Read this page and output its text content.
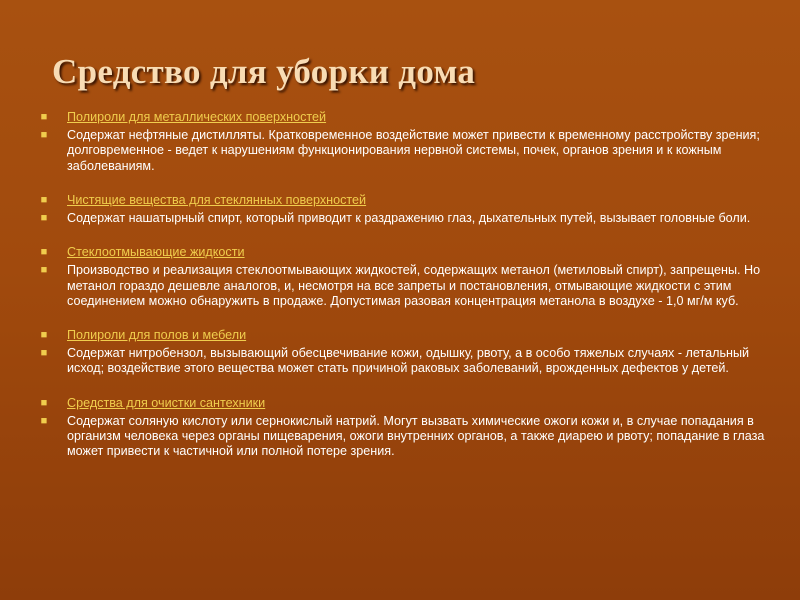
Средство для уборки дома
■ Полироли для металлических поверхностей
■ Содержат нефтяные дистилляты. Кратковременное воздействие может привести к временному расстройству зрения; долговременное - ведет к нарушениям функционирования нервной системы, почек, органов зрения и к кожным заболеваниям.
■ Чистящие вещества для стеклянных поверхностей
■ Содержат нашатырный спирт, который приводит к раздражению глаз, дыхательных путей, вызывает головные боли.
■ Стеклоотмывающие жидкости
■ Производство и реализация стеклоотмывающих жидкостей, содержащих метанол (метиловый спирт), запрещены. Но метанол гораздо дешевле аналогов, и, несмотря на все запреты и постановления, отмывающие жидкости с этим соединением можно обнаружить в продаже. Допустимая разовая концентрация метанола в воздухе - 1,0 мг/м куб.
■ Полироли для полов и мебели
■ Содержат нитробензол, вызывающий обесцвечивание кожи, одышку, рвоту, а в особо тяжелых случаях - летальный исход; воздействие этого вещества может стать причиной раковых заболеваний, врожденных дефектов у детей.
■ Средства для очистки сантехники
■ Содержат соляную кислоту или сернокислый натрий. Могут вызвать химические ожоги кожи и, в случае попадания в организм человека через органы пищеварения, ожоги внутренних органов, а также диарею и рвоту; попадание в глаза может привести к частичной или полной потере зрения.
